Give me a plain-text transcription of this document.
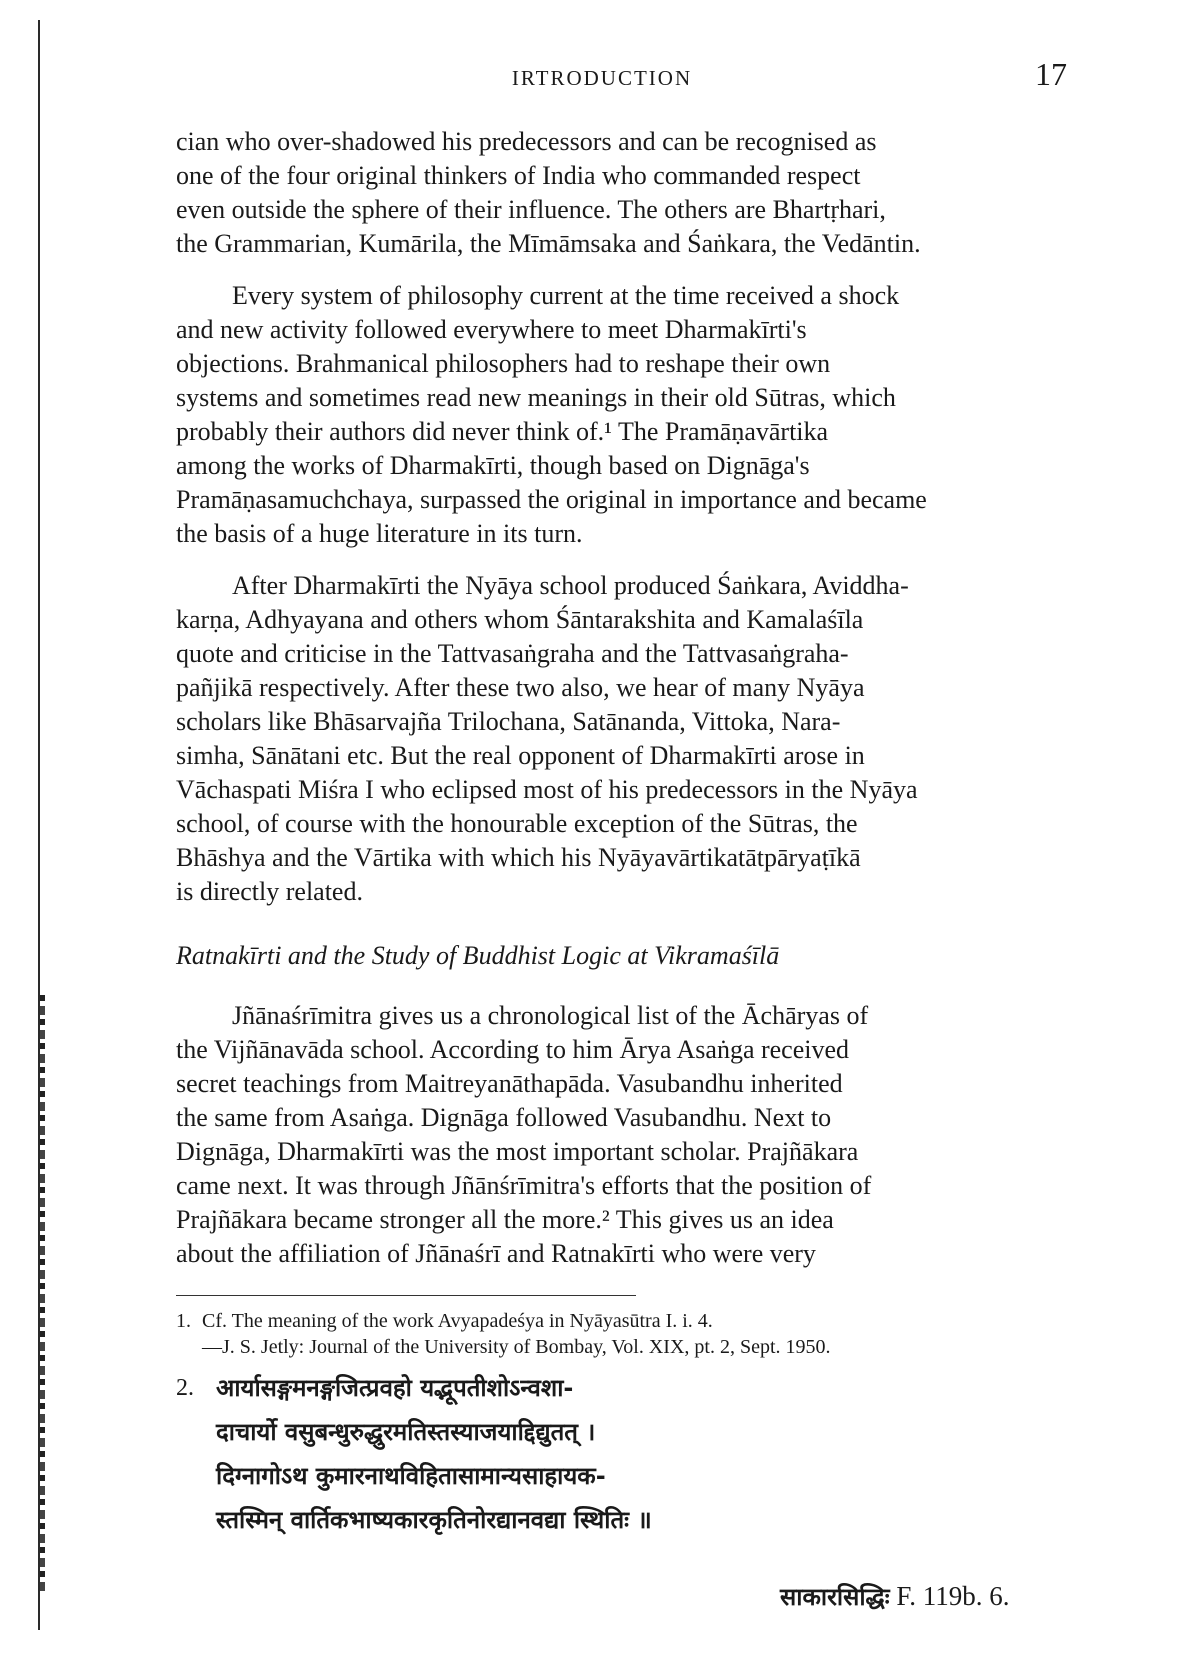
IRTRODUCTION	17

cian who over-shadowed his predecessors and can be recognised as
one of the four original thinkers of India who commanded respect
even outside the sphere of their influence. The others are Bhartṛhari,
the Grammarian, Kumārila, the Mīmāmsaka and Śaṅkara, the Vedāntin.

Every system of philosophy current at the time received a shock
and new activity followed everywhere to meet Dharmakīrti's
objections. Brahmanical philosophers had to reshape their own
systems and sometimes read new meanings in their old Sūtras, which
probably their authors did never think of.¹ The Pramāṇavārtika
among the works of Dharmakīrti, though based on Dignāga's
Pramāṇasamuchchaya, surpassed the original in importance and became
the basis of a huge literature in its turn.

After Dharmakīrti the Nyāya school produced Śaṅkara, Aviddha-
karṇa, Adhyayana and others whom Śāntarakshita and Kamalaśīla
quote and criticise in the Tattvasaṅgraha and the Tattvasaṅgraha-
pañjikā respectively. After these two also, we hear of many Nyāya
scholars like Bhāsarvajña Trilochana, Satānanda, Vittoka, Nara-
simha, Sānātani etc. But the real opponent of Dharmakīrti arose in
Vāchaspati Miśra I who eclipsed most of his predecessors in the Nyāya
school, of course with the honourable exception of the Sūtras, the
Bhāshya and the Vārtika with which his Nyāyavārtikatātpāryaṭīkā
is directly related.

Ratnakīrti and the Study of Buddhist Logic at Vikramaśīlā

Jñānaśrīmitra gives us a chronological list of the Āchāryas of
the Vijñānavāda school. According to him Ārya Asaṅga received
secret teachings from Maitreyanāthapāda. Vasubandhu inherited
the same from Asaṅga. Dignāga followed Vasubandhu. Next to
Dignāga, Dharmakīrti was the most important scholar. Prajñākara
came next. It was through Jñānśrīmitra's efforts that the position of
Prajñākara became stronger all the more.² This gives us an idea
about the affiliation of Jñānaśrī and Ratnakīrti who were very

1. Cf. The meaning of the work Avyapadeśya in Nyāyasūtra I. i. 4.
—J. S. Jetly: Journal of the University of Bombay, Vol. XIX, pt. 2, Sept. 1950.
2. आर्यासङ्गमनङ्गजित्प्रवहो यद्भूपतीशोऽन्वशा-
दाचार्यो वसुबन्धुरुद्धुरमतिस्तस्याजयाद्दिद्युतत् ।
दिग्नागोऽथ कुमारनाथविहितासामान्यसाहायक-
स्तस्मिन् वार्तिकभाष्यकारकृतिनोरद्यानवद्या स्थितिः ॥
साकारसिद्धिः F. 119b. 6.
